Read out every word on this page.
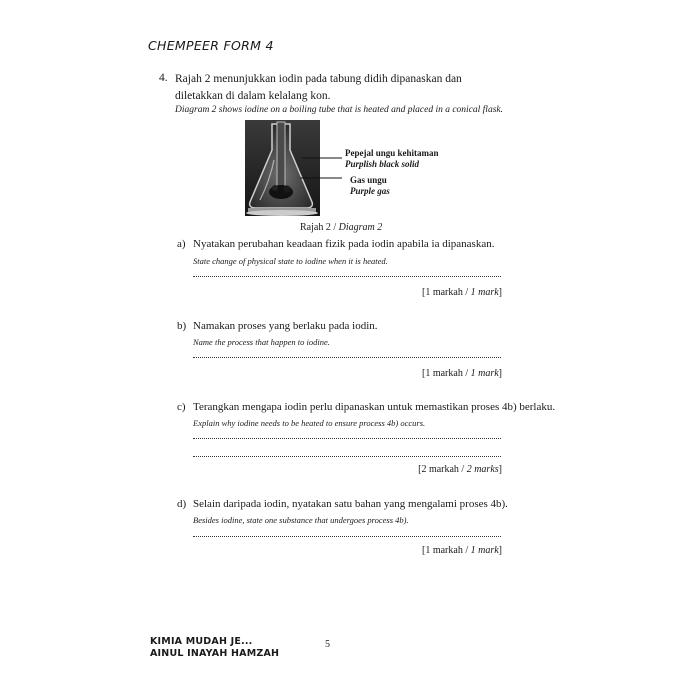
CHEMPEER FORM 4
4. Rajah 2 menunjukkan iodin pada tabung didih dipanaskan dan diletakkan di dalam kelalang kon.
Diagram 2 shows iodine on a boiling tube that is heated and placed in a conical flask.
Pepejal ungu kehitaman
Purplish black solid
Gas ungu
Purple gas
Rajah 2 / Diagram 2
a) Nyatakan perubahan keadaan fizik pada iodin apabila ia dipanaskan.
State change of physical state to iodine when it is heated.
[1 markah / 1 mark]
b) Namakan proses yang berlaku pada iodin.
Name the process that happen to iodine.
[1 markah / 1 mark]
c) Terangkan mengapa iodin perlu dipanaskan untuk memastikan proses 4b) berlaku.
Explain why iodine needs to be heated to ensure process 4b) occurs.
[2 markah / 2 marks]
d) Selain daripada iodin, nyatakan satu bahan yang mengalami proses 4b).
Besides iodine, state one substance that undergoes process 4b).
[1 markah / 1 mark]
KIMIA MUDAH JE...
AINUL INAYAH HAMZAH
5
